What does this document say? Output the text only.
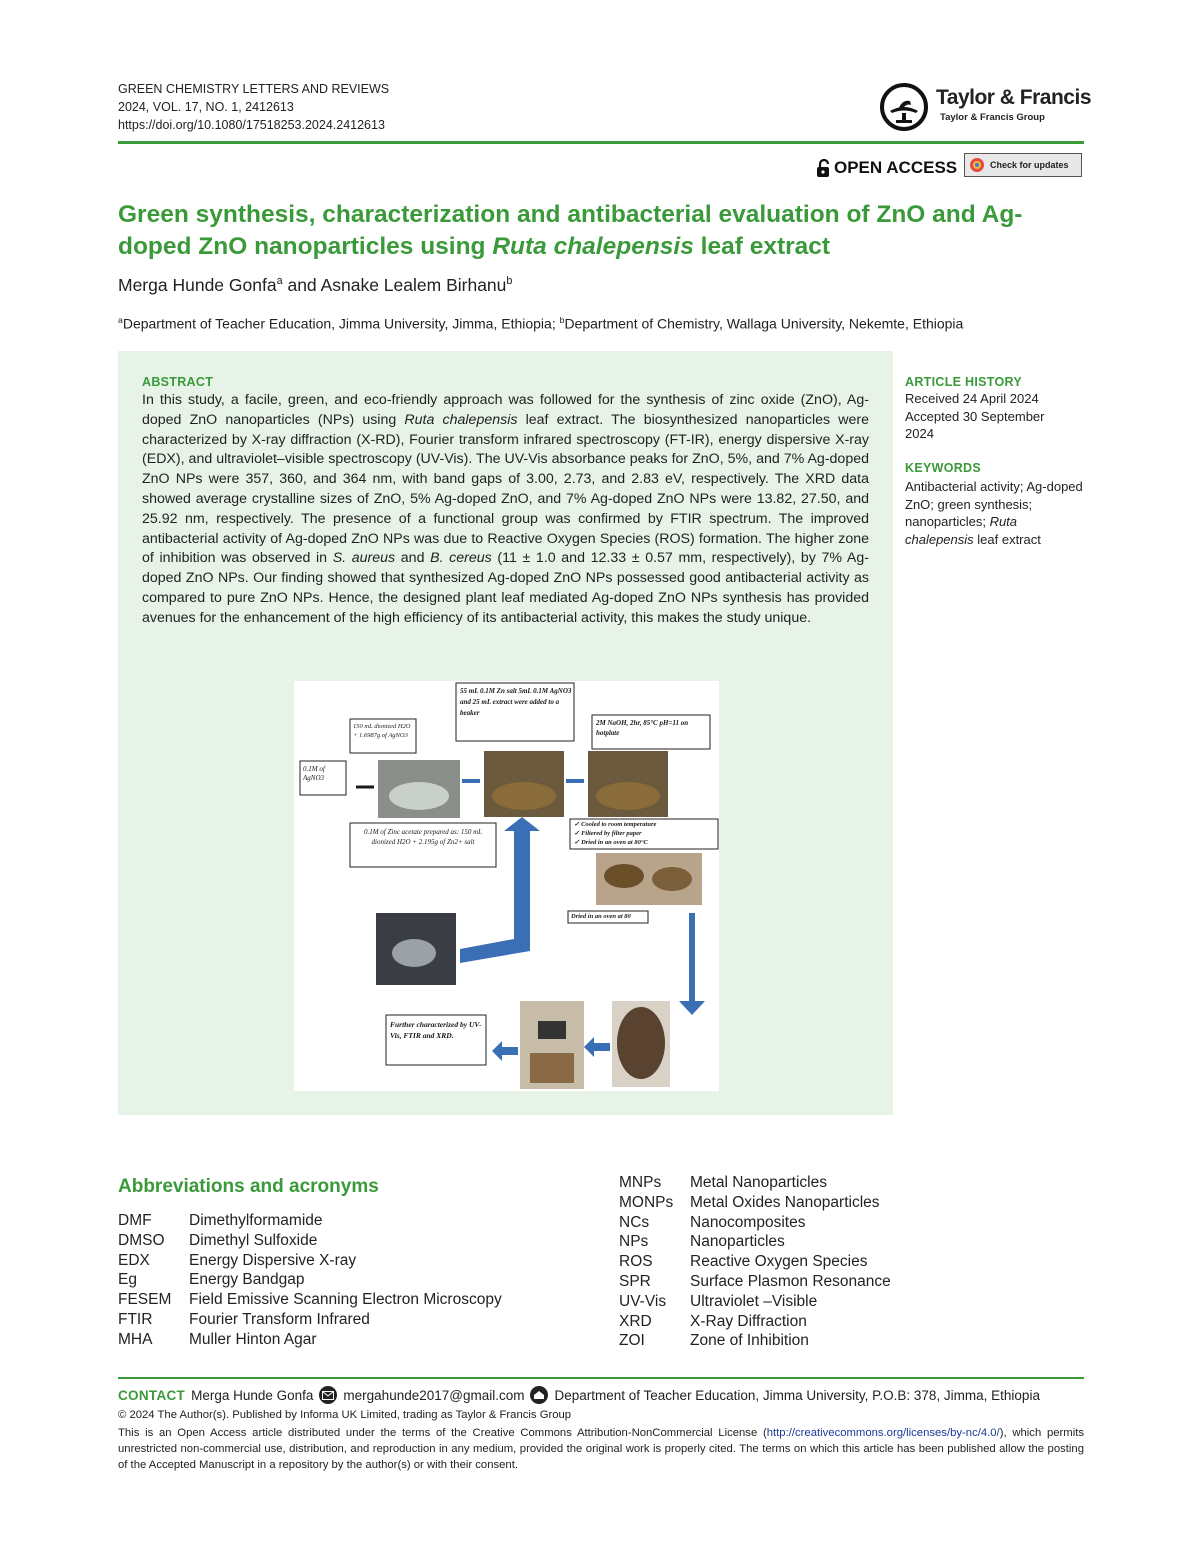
GREEN CHEMISTRY LETTERS AND REVIEWS
2024, VOL. 17, NO. 1, 2412613
https://doi.org/10.1080/17518253.2024.2412613
Taylor & Francis
Taylor & Francis Group
OPEN ACCESS	Check for updates
Green synthesis, characterization and antibacterial evaluation of ZnO and Ag-doped ZnO nanoparticles using Ruta chalepensis leaf extract
Merga Hunde Gonfa$^a$ and Asnake Lealem Birhanu$^b$
$^a$Department of Teacher Education, Jimma University, Jimma, Ethiopia; $^b$Department of Chemistry, Wallaga University, Nekemte, Ethiopia
ABSTRACT
In this study, a facile, green, and eco-friendly approach was followed for the synthesis of zinc oxide (ZnO), Ag-doped ZnO nanoparticles (NPs) using Ruta chalepensis leaf extract. The biosynthesized nanoparticles were characterized by X-ray diffraction (X-RD), Fourier transform infrared spectroscopy (FT-IR), energy dispersive X-ray (EDX), and ultraviolet–visible spectroscopy (UV-Vis). The UV-Vis absorbance peaks for ZnO, 5%, and 7% Ag-doped ZnO NPs were 357, 360, and 364 nm, with band gaps of 3.00, 2.73, and 2.83 eV, respectively. The XRD data showed average crystalline sizes of ZnO, 5% Ag-doped ZnO, and 7% Ag-doped ZnO NPs were 13.82, 27.50, and 25.92 nm, respectively. The presence of a functional group was confirmed by FTIR spectrum. The improved antibacterial activity of Ag-doped ZnO NPs was due to Reactive Oxygen Species (ROS) formation. The higher zone of inhibition was observed in S. aureus and B. cereus (11 ± 1.0 and 12.33 ± 0.57 mm, respectively), by 7% Ag-doped ZnO NPs. Our finding showed that synthesized Ag-doped ZnO NPs possessed good antibacterial activity as compared to pure ZnO NPs. Hence, the designed plant leaf mediated Ag-doped ZnO NPs synthesis has provided avenues for the enhancement of the high efficiency of its antibacterial activity, this makes the study unique.
ARTICLE HISTORY
Received 24 April 2024
Accepted 30 September 2024
KEYWORDS
Antibacterial activity; Ag-doped ZnO; green synthesis; nanoparticles; Ruta chalepensis leaf extract
0.1M of AgNO3
150 mL dionized H2O + 1.6987g of AgNO3
55 mL 0.1M Zn salt 5mL 0.1M AgNO3 and 25 mL extract were added to a beaker
2M NaOH, 2hr, 85°C pH=11 on hotplate
0.1M of Zinc acetate prepared as: 150 mL dionized H2O + 2.195g of Zn2+ salt
✓ Cooled to room temperature
✓ Filtered by filter paper
✓ Dried in an oven at 80°C
Dried in an oven at 80
Further characterized by UV-Vis, FTIR and XRD.
Abbreviations and acronyms
DMF	Dimethylformamide
DMSO	Dimethyl Sulfoxide
EDX	Energy Dispersive X-ray
Eg	Energy Bandgap
FESEM	Field Emissive Scanning Electron Microscopy
FTIR	Fourier Transform Infrared
MHA	Muller Hinton Agar
MNPs	Metal Nanoparticles
MONPs	Metal Oxides Nanoparticles
NCs	Nanocomposites
NPs	Nanoparticles
ROS	Reactive Oxygen Species
SPR	Surface Plasmon Resonance
UV-Vis	Ultraviolet –Visible
XRD	X-Ray Diffraction
ZOI	Zone of Inhibition
CONTACT Merga Hunde Gonfa mergahunde2017@gmail.com Department of Teacher Education, Jimma University, P.O.B: 378, Jimma, Ethiopia
© 2024 The Author(s). Published by Informa UK Limited, trading as Taylor & Francis Group
This is an Open Access article distributed under the terms of the Creative Commons Attribution-NonCommercial License (http://creativecommons.org/licenses/by-nc/4.0/), which permits unrestricted non-commercial use, distribution, and reproduction in any medium, provided the original work is properly cited. The terms on which this article has been published allow the posting of the Accepted Manuscript in a repository by the author(s) or with their consent.
